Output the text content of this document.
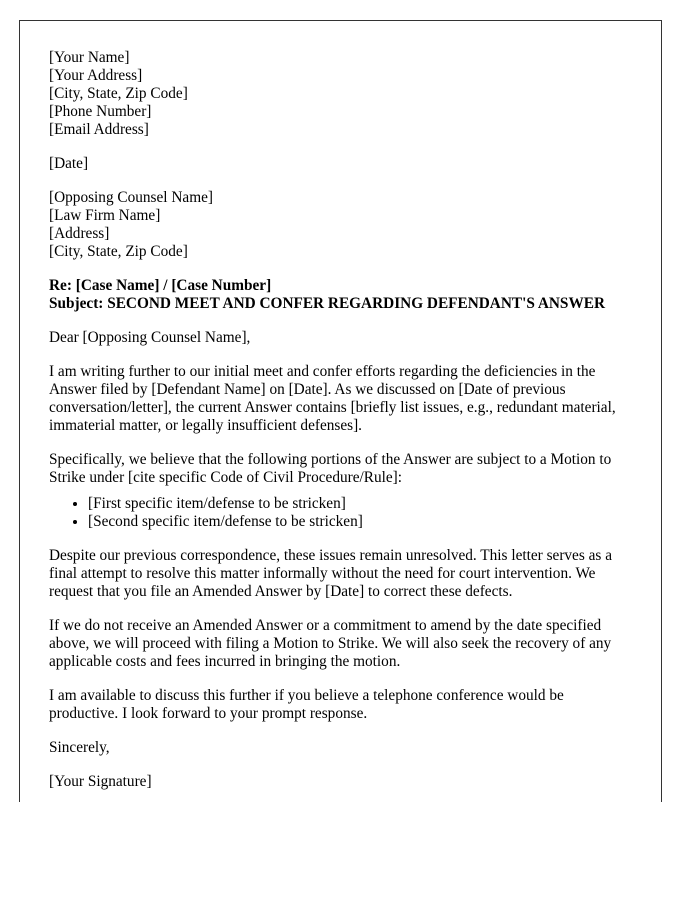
[Your Name]
[Your Address]
[City, State, Zip Code]
[Phone Number]
[Email Address]
[Date]
[Opposing Counsel Name]
[Law Firm Name]
[Address]
[City, State, Zip Code]
Re: [Case Name] / [Case Number]
Subject: SECOND MEET AND CONFER REGARDING DEFENDANT'S ANSWER

Dear [Opposing Counsel Name],

I am writing further to our initial meet and confer efforts regarding the deficiencies in the Answer filed by [Defendant Name] on [Date]. As we discussed on [Date of previous conversation/letter], the current Answer contains [briefly list issues, e.g., redundant material, immaterial matter, or legally insufficient defenses].

Specifically, we believe that the following portions of the Answer are subject to a Motion to Strike under [cite specific Code of Civil Procedure/Rule]:

• [First specific item/defense to be stricken]
• [Second specific item/defense to be stricken]

Despite our previous correspondence, these issues remain unresolved. This letter serves as a final attempt to resolve this matter informally without the need for court intervention. We request that you file an Amended Answer by [Date] to correct these defects.

If we do not receive an Amended Answer or a commitment to amend by the date specified above, we will proceed with filing a Motion to Strike. We will also seek the recovery of any applicable costs and fees incurred in bringing the motion.

I am available to discuss this further if you believe a telephone conference would be productive. I look forward to your prompt response.

Sincerely,

[Your Signature]
